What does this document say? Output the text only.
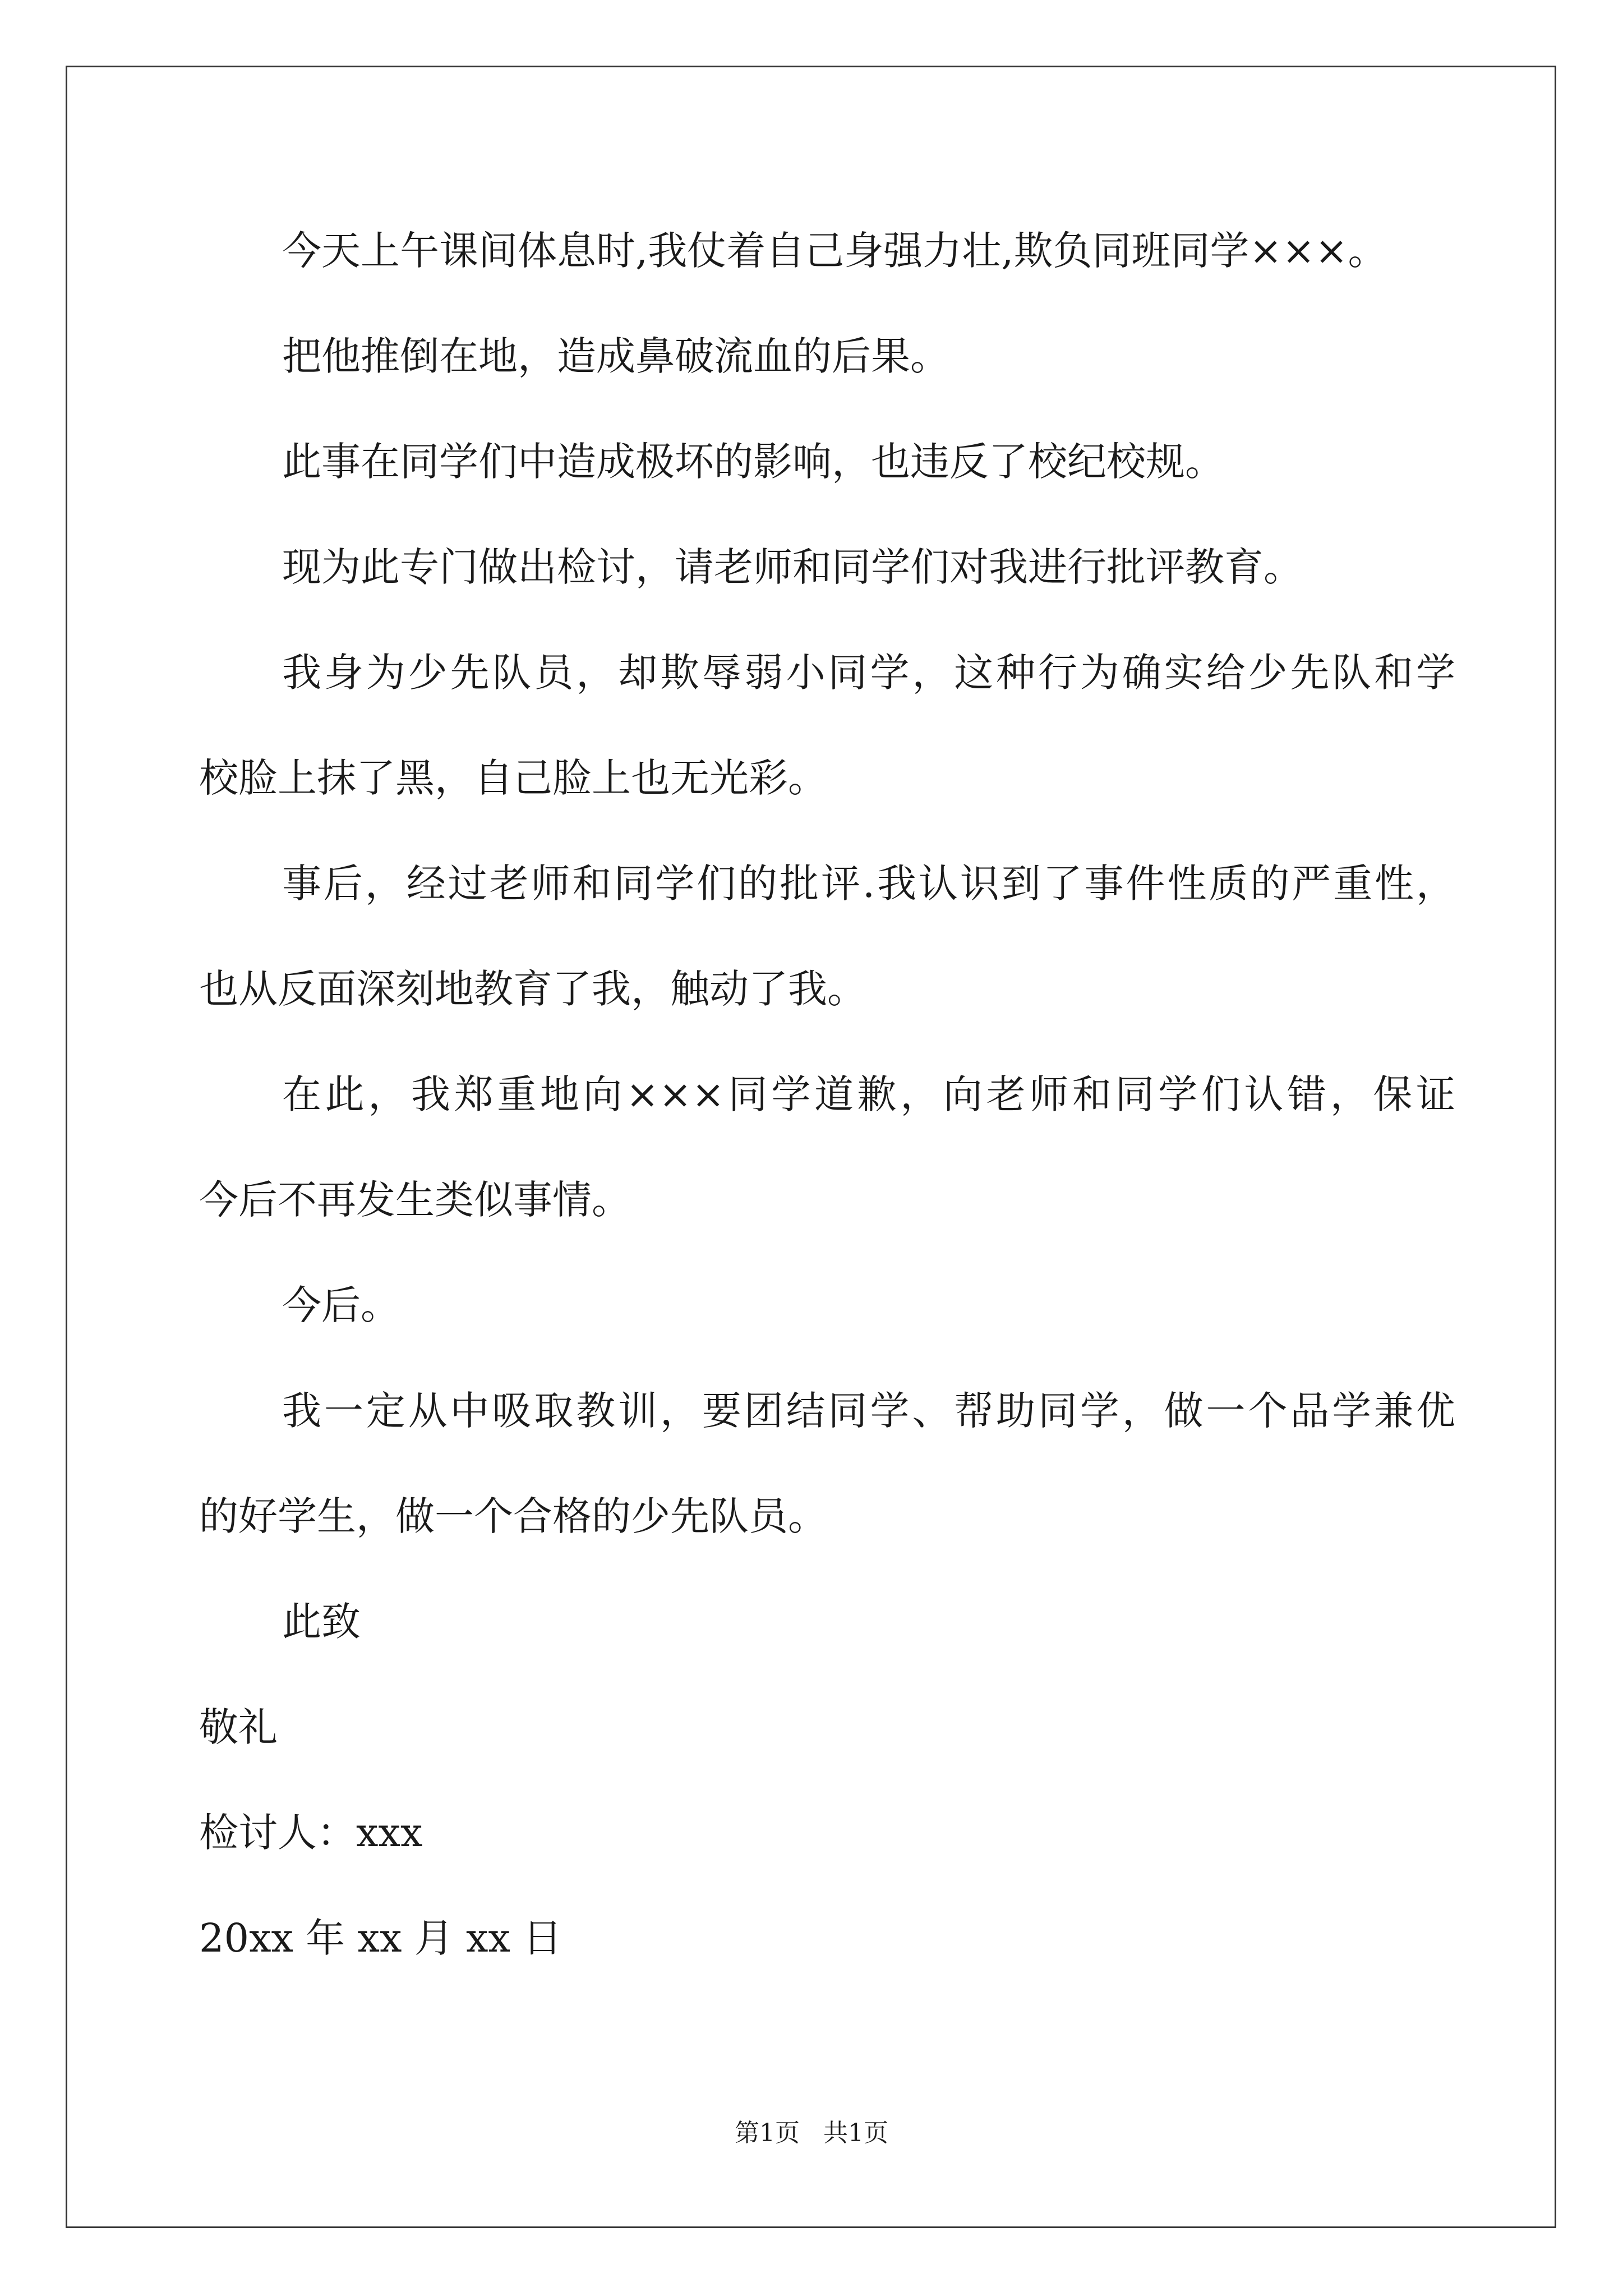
今天上午课间体息时,我仗着自己身强力壮,欺负同班同学×××。
把他推倒在地，造成鼻破流血的后果。
此事在同学们中造成极坏的影响，也违反了校纪校规。
现为此专门做出检讨，请老师和同学们对我进行批评教育。
我身为少先队员，却欺辱弱小同学，这种行为确实给少先队和学
校脸上抹了黑，自己脸上也无光彩。
事后，经过老师和同学们的批评.我认识到了事件性质的严重性，
也从反面深刻地教育了我，触动了我。
在此，我郑重地向×××同学道歉，向老师和同学们认错，保证
今后不再发生类似事情。
今后。
我一定从中吸取教训，要团结同学、帮助同学，做一个品学兼优
的好学生，做一个合格的少先队员。
此致
敬礼
检讨人：xxx
20xx 年 xx 月 xx 日
第1页   共1页
